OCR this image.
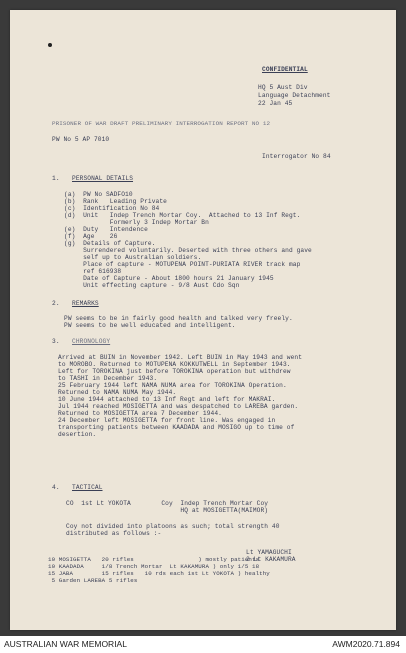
CONFIDENTIAL
HQ 5 Aust Div
Language Detachment
22 Jan 45
PRISONER OF WAR DRAFT PRELIMINARY INTERROGATION REPORT NO 12
PW No 5 AP 7010
Interrogator No 84
1. PERSONAL DETAILS
(a)  PW No SADFO10
(b)  Rank   Leading Private
(c)  Identification No 84
(d)  Unit   Indep Trench Mortar Coy.  Attached to 13 Inf Regt.
Formerly 3 Indep Mortar Bn
(e)  Duty   Intendence
(f)  Age    26
(g)  Details of Capture.
Surrendered voluntarily. Deserted with three others and gave
self up to Australian soldiers.
Place of capture - MOTUPENA POINT-PURIATA RIVER track map
ref 616938
Date of Capture - About 1800 hours 21 January 1945
Unit effecting capture - 9/8 Aust Cdo Sqn
2. REMARKS
PW seems to be in fairly good health and talked very freely.
PW seems to be well educated and intelligent.
3. CHRONOLOGY
Arrived at BUIN in November 1942. Left BUIN in May 1943 and went
to MOROBO. Returned to MOTUPENA KOKKUTWELL in September 1943.
Left for TOROKINA just before TOROKINA operation but withdrew
to TASHI in December 1943.
25 February 1944 left NAMA NUMA area for TOROKINA Operation.
Returned to NAMA NUMA May 1944.
10 June 1944 attached to 13 Inf Regt and left for MAKRAI.
Jul 1944 reached MOSIGETTA and was despatched to LAREBA garden.
Returned to MOSIGETTA area 7 December 1944.
24 December left MOSIGETTA for front line. Was engaged in
transporting patients between KAADADA and MOSIGO up to time of
desertion.
4. TACTICAL
CO  1st Lt YOKOTA        Coy  Indep Trench Mortar Coy
HQ at MOSIGETTA(MAIMOR)
Coy not divided into platoons as such; total strength 40
distributed as follows :-
Lt YAMAGUCHI
2 Lt KAKAMURA
10 MOSIGETTA   20 rifles                  ) mostly patients
10 KAADADA     1/8 Trench Mortar  Lt KAKAMURA ) only 1/5 18
15 JABA        15 rifles   10 rds each 1st Lt YOKOTA ) healthy
5 Garden LAREBA 5 rifles
AUSTRALIAN WAR MEMORIAL	AWM2020.71.894
